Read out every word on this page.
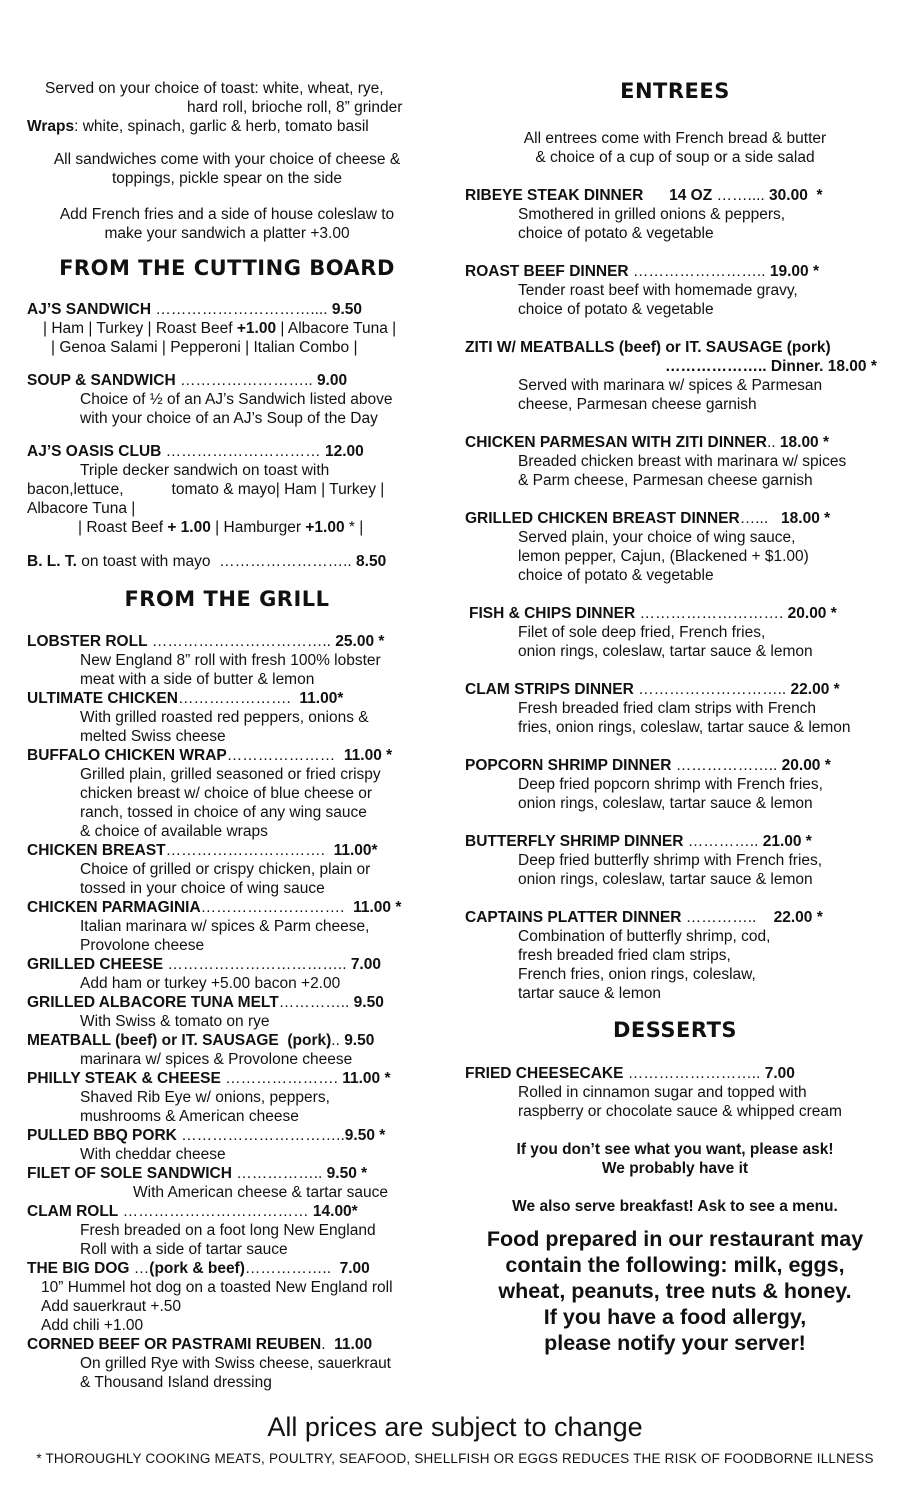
Served on your choice of toast: white, wheat, rye,
hard roll, brioche roll, 8” grinder
Wraps: white, spinach, garlic & herb, tomato basil
All sandwiches come with your choice of cheese &
toppings, pickle spear on the side
Add French fries and a side of house coleslaw to
make your sandwich a platter +3.00
FROM THE CUTTING BOARD
AJ’S SANDWICH ………………………….... 9.50
| Ham | Turkey | Roast Beef +1.00 | Albacore Tuna |
| Genoa Salami | Pepperoni | Italian Combo |
SOUP & SANDWICH …………………….. 9.00
Choice of ½ of an AJ’s Sandwich listed above
with your choice of an AJ’s Soup of the Day
AJ’S OASIS CLUB ………………………… 12.00
Triple decker sandwich on toast with
bacon,lettuce,	tomato & mayo| Ham | Turkey |
Albacore Tuna |
| Roast Beef + 1.00 | Hamburger +1.00 * |
B. L. T. on toast with mayo  …………………….. 8.50
FROM THE GRILL
LOBSTER ROLL …………………………….. 25.00 *
New England 8” roll with fresh 100% lobster
meat with a side of butter & lemon
ULTIMATE CHICKEN………………….  11.00*
With grilled roasted red peppers, onions &
melted Swiss cheese
BUFFALO CHICKEN WRAP…………………  11.00 *
Grilled plain, grilled seasoned or fried crispy
chicken breast w/ choice of blue cheese or
ranch, tossed in choice of any wing sauce
& choice of available wraps
CHICKEN BREAST………………………….  11.00*
Choice of grilled or crispy chicken, plain or
tossed in your choice of wing sauce
CHICKEN PARMAGINIA……………………….  11.00 *
Italian marinara w/ spices & Parm cheese,
Provolone cheese
GRILLED CHEESE …………………………….. 7.00
Add ham or turkey +5.00 bacon +2.00
GRILLED ALBACORE TUNA MELT………….. 9.50
With Swiss & tomato on rye
MEATBALL (beef) or IT. SAUSAGE  (pork).. 9.50
marinara w/ spices & Provolone cheese
PHILLY STEAK & CHEESE …………………. 11.00 *
Shaved Rib Eye w/ onions, peppers,
mushrooms & American cheese
PULLED BBQ PORK …………………………..9.50 *
With cheddar cheese
FILET OF SOLE SANDWICH …………….. 9.50 *
With American cheese & tartar sauce
CLAM ROLL ……………………………… 14.00*
Fresh breaded on a foot long New England
Roll with a side of tartar sauce
THE BIG DOG …(pork & beef)……………..  7.00
10” Hummel hot dog on a toasted New England roll
Add sauerkraut +.50
Add chili +1.00
CORNED BEEF OR PASTRAMI REUBEN.  11.00
On grilled Rye with Swiss cheese, sauerkraut
& Thousand Island dressing
ENTREES
All entrees come with French bread & butter
& choice of a cup of soup or a side salad
RIBEYE STEAK DINNER      14 OZ …….... 30.00  *
Smothered in grilled onions & peppers,
choice of potato & vegetable
ROAST BEEF DINNER …………………….. 19.00 *
Tender roast beef with homemade gravy,
choice of potato & vegetable
ZITI W/ MEATBALLS (beef) or IT. SAUSAGE (pork)
……………….. Dinner. 18.00 *
Served with marinara w/ spices & Parmesan
cheese, Parmesan cheese garnish
CHICKEN PARMESAN WITH ZITI DINNER.. 18.00 *
Breaded chicken breast with marinara w/ spices
& Parm cheese, Parmesan cheese garnish
GRILLED CHICKEN BREAST DINNER…...   18.00 *
Served plain, your choice of wing sauce,
lemon pepper, Cajun, (Blackened + $1.00)
choice of potato & vegetable
FISH & CHIPS DINNER ………………………. 20.00 *
Filet of sole deep fried, French fries,
onion rings, coleslaw, tartar sauce & lemon
CLAM STRIPS DINNER ……………………….. 22.00 *
Fresh breaded fried clam strips with French
fries, onion rings, coleslaw, tartar sauce & lemon
POPCORN SHRIMP DINNER ……………….. 20.00 *
Deep fried popcorn shrimp with French fries,
onion rings, coleslaw, tartar sauce & lemon
BUTTERFLY SHRIMP DINNER ………….. 21.00 *
Deep fried butterfly shrimp with French fries,
onion rings, coleslaw, tartar sauce & lemon
CAPTAINS PLATTER DINNER …………..    22.00 *
Combination of butterfly shrimp, cod,
fresh breaded fried clam strips,
French fries, onion rings, coleslaw,
tartar sauce & lemon
DESSERTS
FRIED CHEESECAKE …………………….. 7.00
Rolled in cinnamon sugar and topped with
raspberry or chocolate sauce & whipped cream
If you don’t see what you want, please ask!
We probably have it
We also serve breakfast! Ask to see a menu.
Food prepared in our restaurant may
contain the following: milk, eggs,
wheat, peanuts, tree nuts & honey.
If you have a food allergy,
please notify your server!
All prices are subject to change
* THOROUGHLY COOKING MEATS, POULTRY, SEAFOOD, SHELLFISH OR EGGS REDUCES THE RISK OF FOODBORNE ILLNESS
